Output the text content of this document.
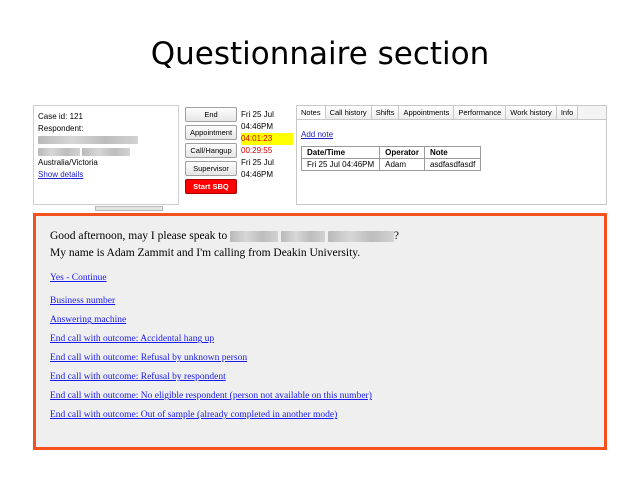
Questionnaire section
Case id: 121
Respondent:

Australia/Victoria
Show details
End
Appointment
Call/Hangup
Supervisor
Start SBQ
Fri 25 Jul
04:46PM
04:01:23
00:29:55
Fri 25 Jul
04:46PM
Notes	Call history	Shifts	Appointments	Performance	Work history	Info
Add note
Date/Time	Operator	Note
Fri 25 Jul 04:46PM	Adam	asdfasdfasdf
Good afternoon, may I please speak to	?
My name is Adam Zammit and I'm calling from Deakin University.
Yes - Continue
Business number
Answering machine
End call with outcome: Accidental hang up
End call with outcome: Refusal by unknown person
End call with outcome: Refusal by respondent
End call with outcome: No eligible respondent (person not available on this number)
End call with outcome: Out of sample (already completed in another mode)
